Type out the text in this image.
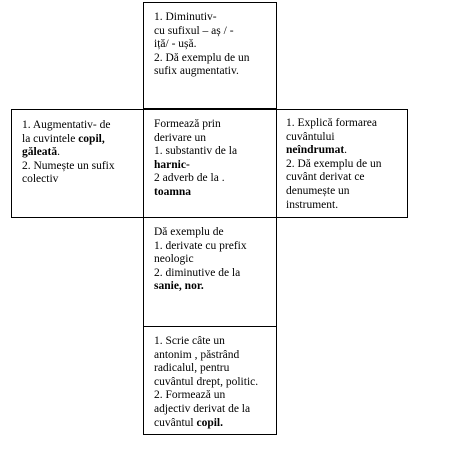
1. Diminutiv-

cu sufixul – aș / -

iță/ - ușă.

2. Dă exemplu de un

sufix augmentativ.

1. Augmentativ- de

la cuvintele copil,

găleată.

2. Numește un sufix

colectiv

Formează prin

derivare un

1. substantiv de la

harnic-

2 adverb de la .

toamna

1. Explică formarea

cuvântului

neîndrumat.

2. Dă exemplu de un

cuvânt derivat ce

denumește un

instrument.

Dă exemplu de

1. derivate cu prefix

neologic

2. diminutive de la

sanie, nor.

1. Scrie câte un

antonim , păstrând

radicalul, pentru

cuvântul drept, politic.

2. Formează un

adjectiv derivat de la

cuvântul copil.
